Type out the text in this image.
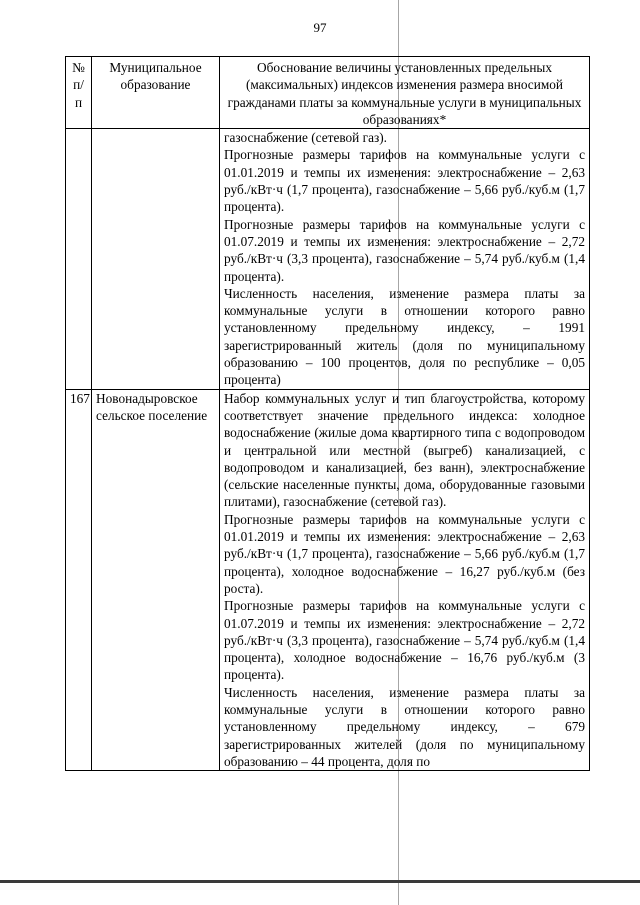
97
№ п/п	Муниципальное образование	Обоснование величины установленных предельных (максимальных) индексов изменения размера вносимой гражданами платы за коммунальные услуги в муниципальных образованиях*

		газоснабжение (сетевой газ).

Прогнозные размеры тарифов на коммунальные услуги с 01.01.2019 и темпы их изменения: электроснабжение – 2,63 руб./кВт·ч (1,7 процента), газоснабжение – 5,66 руб./куб.м (1,7 процента).

Прогнозные размеры тарифов на коммунальные услуги с 01.07.2019 и темпы их изменения: электроснабжение – 2,72 руб./кВт·ч (3,3 процента), газоснабжение – 5,74 руб./куб.м (1,4 процента).

Численность населения, изменение размера платы за коммунальные услуги в отношении которого равно установленному предельному индексу, – 1991 зарегистрированный житель (доля по муниципальному образованию – 100 процентов, доля по республике – 0,05 процента)

167	Новонадыровское сельское поселение	Набор коммунальных услуг и тип благоустройства, которому соответствует значение предельного индекса: холодное водоснабжение (жилые дома квартирного типа с водопроводом и центральной или местной (выгреб) канализацией, с водопроводом и канализацией, без ванн), электроснабжение (сельские населенные пункты, дома, оборудованные газовыми плитами), газоснабжение (сетевой газ).

Прогнозные размеры тарифов на коммунальные услуги с 01.01.2019 и темпы их изменения: электроснабжение – 2,63 руб./кВт·ч (1,7 процента), газоснабжение – 5,66 руб./куб.м (1,7 процента), холодное водоснабжение – 16,27 руб./куб.м (без роста).

Прогнозные размеры тарифов на коммунальные услуги с 01.07.2019 и темпы их изменения: электроснабжение – 2,72 руб./кВт·ч (3,3 процента), газоснабжение – 5,74 руб./куб.м (1,4 процента), холодное водоснабжение – 16,76 руб./куб.м (3 процента).

Численность населения, изменение размера платы за коммунальные услуги в отношении которого равно установленному предельному индексу, – 679 зарегистрированных жителей (доля по муниципальному образованию – 44 процента, доля по
